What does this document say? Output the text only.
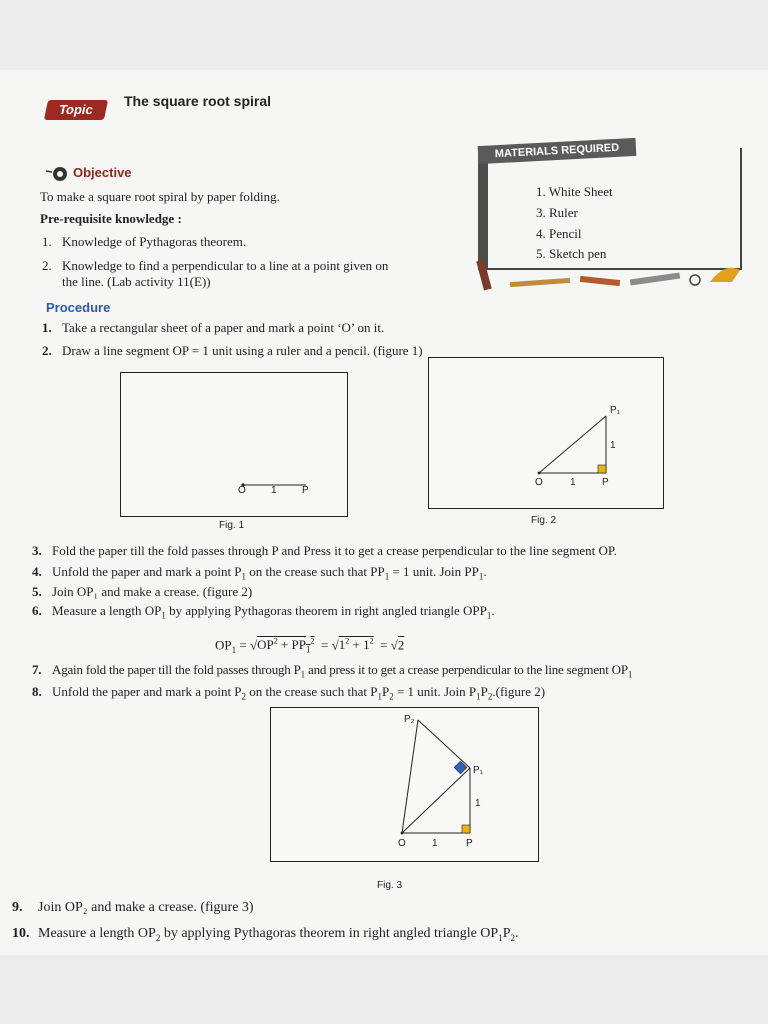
Topic
The square root spiral
Objective
To make a square root spiral by paper folding.
Pre-requisite knowledge :
1. Knowledge of Pythagoras theorem.
2. Knowledge to find a perpendicular to a line at a point given on
the line. (Lab activity 11(E))
MATERIALS REQUIRED
1. White Sheet
3. Ruler
4. Pencil
5. Sketch pen
Procedure
1. Take a rectangular sheet of a paper and mark a point ‘O’ on it.
2. Draw a line segment OP = 1 unit using a ruler and a pencil. (figure 1)
O	1	P
Fig. 1
O	1	P
P₁
1
Fig. 2
3. Fold the paper till the fold passes through P and Press it to get a crease perpendicular to the line segment OP.
4. Unfold the paper and mark a point $P_1$ on the crease such that $PP_1 = 1$ unit. Join $PP_1$.
5. Join OP₁ and make a crease. (figure 2)
6. Measure a length $OP_1$ by applying Pythagoras theorem in right angled triangle $OPP_1$.
$OP_1 = √OP^2 + PP_1^2 = √1^2 + 1^2 = √2$
7. Again fold the paper till the fold passes through $P_1$ and press it to get a crease perpendicular to the line segment $OP_1$
8. Unfold the paper and mark a point $P_2$ on the crease such that $P_1P_2 = 1$ unit. Join $P_1P_2.(figure$ 2)
P₂
P₁
1
O	1	P
Fig. 3
9. Join OP₂ and make a crease. (figure 3)
10. Measure a length $OP_2$ by applying Pythagoras theorem in right angled triangle $OP_1P_2$.
